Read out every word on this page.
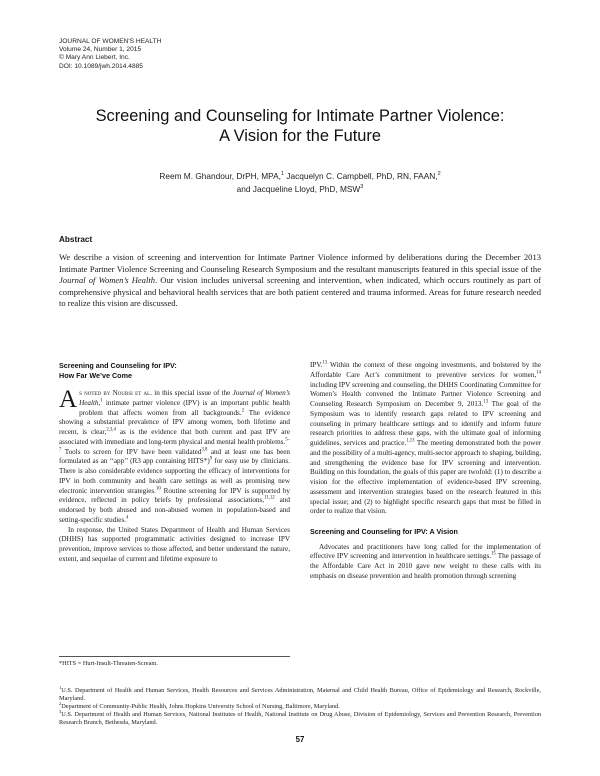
JOURNAL OF WOMEN'S HEALTH
Volume 24, Number 1, 2015
© Mary Ann Liebert, Inc.
DOI: 10.1089/jwh.2014.4885
Screening and Counseling for Intimate Partner Violence:
A Vision for the Future
Reem M. Ghandour, DrPH, MPA,$^1$ Jacquelyn C. Campbell, PhD, RN, FAAN,$^2$
and Jacqueline Lloyd, PhD, MSW$^3$
Abstract
We describe a vision of screening and intervention for Intimate Partner Violence informed by deliberations during the December 2013 Intimate Partner Violence Screening and Counseling Research Symposium and the resultant manuscripts featured in this special issue of the Journal of Women’s Health. Our vision includes universal screening and intervention, when indicated, which occurs routinely as part of comprehensive physical and behavioral health services that are both patient centered and trauma informed. Areas for future research needed to realize this vision are discussed.
Screening and Counseling for IPV:
How Far We’ve Come

As noted by Noursi et al. in this special issue of the Journal of Women’s Health,$^1$ intimate partner violence (IPV) is an important public health problem that affects women from all backgrounds.$^2$ The evidence showing a substantial prevalence of IPV among women, both lifetime and recent, is clear,$^{2,3,4}$ as is the evidence that both current and past IPV are associated with immediate and long-term physical and mental health problems.$^{5-7}$ Tools to screen for IPV have been validated$^{3,8}$ and at least one has been formulated as an ‘‘app’’ (R3 app containing HITS*)$^9$ for easy use by clinicians. There is also considerable evidence supporting the efficacy of interventions for IPV in both community and health care settings as well as promising new electronic intervention strategies.$^{10}$ Routine screening for IPV is supported by evidence, reflected in policy briefs by professional associations,$^{11,12}$ and endorsed by both abused and non-abused women in population-based and setting-specific studies.$^4$

In response, the United States Department of Health and Human Services (DHHS) has supported programmatic activities designed to increase IPV prevention, improve services to those affected, and better understand the nature, extent, and sequelae of current and lifetime exposure to

IPV.$^{13}$ Within the context of these ongoing investments, and bolstered by the Affordable Care Act’s commitment to preventive services for women,$^{14}$ including IPV screening and counseling, the DHHS Coordinating Committee for Women’s Health convened the Intimate Partner Violence Screening and Counseling Research Symposium on December 9, 2013.13 The goal of the Symposium was to identify research gaps related to IPV screening and counseling in primary healthcare settings and to identify and inform future research priorities to address these gaps, with the ultimate goal of informing guidelines, services and practice.$^{1,13}$ The meeting demonstrated both the power and the possibility of a multi-agency, multi-sector approach to shaping, building, and strengthening the evidence base for IPV screening and intervention. Building on this foundation, the goals of this paper are twofold: (1) to describe a vision for the effective implementation of evidence-based IPV screening, assessment and intervention strategies based on the research featured in this special issue; and (2) to highlight specific research gaps that must be filled in order to realize that vision.

Screening and Counseling for IPV: A Vision

Advocates and practitioners have long called for the implementation of effective IPV screening and intervention in healthcare settings.$^{15}$ The passage of the Affordable Care Act in 2010 gave new weight to these calls with its emphasis on disease prevention and health promotion through screening

*HITS = Hurt-Insult-Threaten-Scream.
$^1$U.S. Department of Health and Human Services, Health Resources and Services Administration, Maternal and Child Health Bureau, Office of Epidemiology and Research, Rockville, Maryland.
$^2$Department of Community-Public Health, Johns Hopkins University School of Nursing, Baltimore, Maryland.
$^3$U.S. Department of Health and Human Services, National Institutes of Health, National Institute on Drug Abuse, Division of Epidemiology, Services and Prevention Research, Prevention Research Branch, Bethesda, Maryland.
57
